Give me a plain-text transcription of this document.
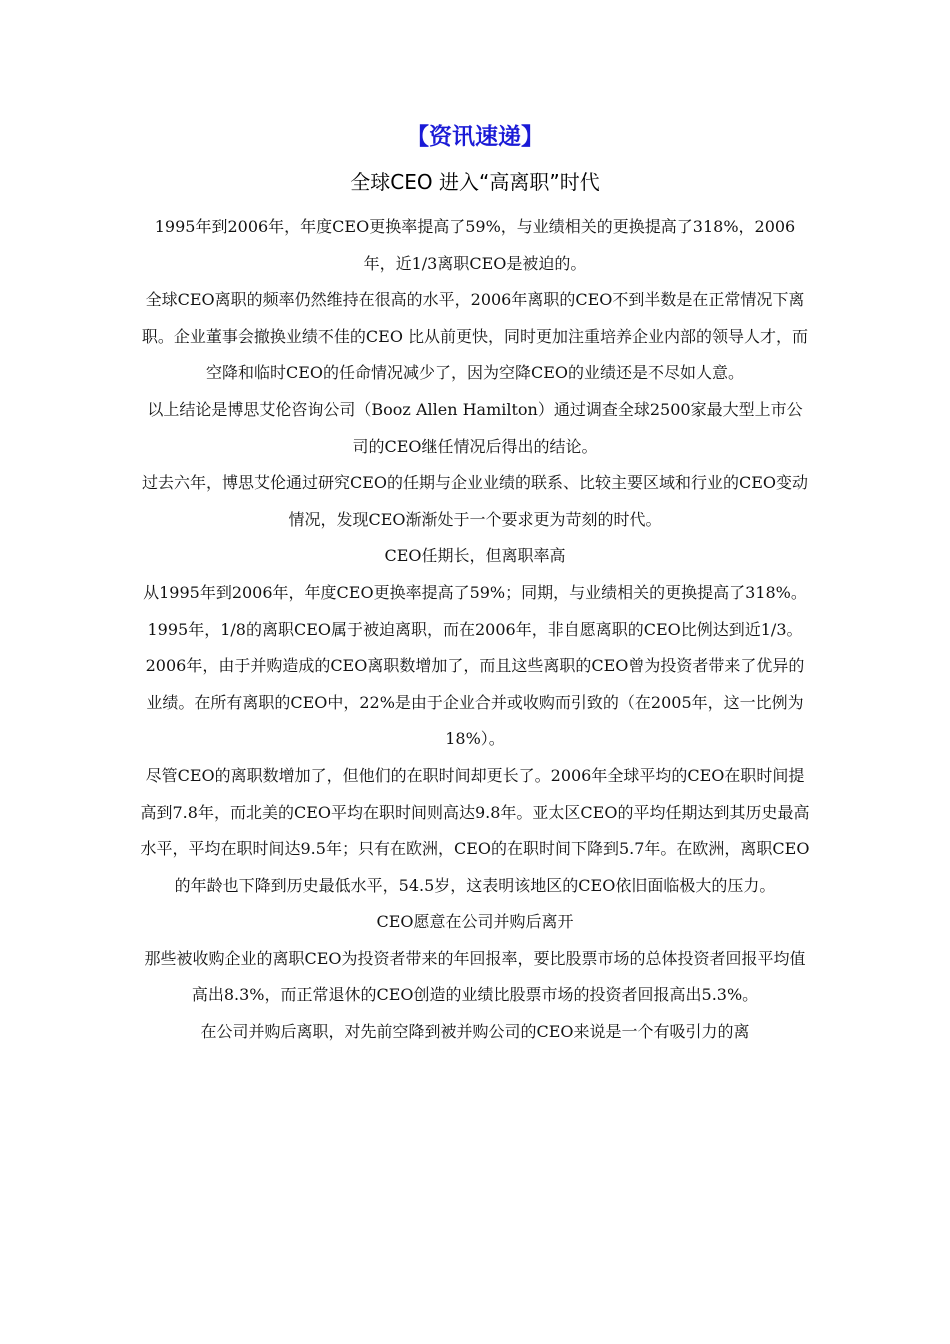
【资讯速递】
全球CEO 进入“高离职”时代

1995年到2006年，年度CEO更换率提高了59%，与业绩相关的更换提高了318%，2006年，近1/3离职CEO是被迫的。

全球CEO离职的频率仍然维持在很高的水平，2006年离职的CEO不到半数是在正常情况下离职。企业董事会撤换业绩不佳的CEO 比从前更快，同时更加注重培养企业内部的领导人才，而空降和临时CEO的任命情况减少了，因为空降CEO的业绩还是不尽如人意。

以上结论是博思艾伦咨询公司（Booz Allen Hamilton）通过调查全球2500家最大型上市公司的CEO继任情况后得出的结论。

过去六年，博思艾伦通过研究CEO的任期与企业业绩的联系、比较主要区域和行业的CEO变动情况，发现CEO渐渐处于一个要求更为苛刻的时代。

CEO任期长，但离职率高

从1995年到2006年，年度CEO更换率提高了59%；同期，与业绩相关的更换提高了318%。1995年，1/8的离职CEO属于被迫离职，而在2006年，非自愿离职的CEO比例达到近1/3。

2006年，由于并购造成的CEO离职数增加了，而且这些离职的CEO曾为投资者带来了优异的业绩。在所有离职的CEO中，22%是由于企业合并或收购而引致的（在2005年，这一比例为18%）。

尽管CEO的离职数增加了，但他们的在职时间却更长了。2006年全球平均的CEO在职时间提高到7.8年，而北美的CEO平均在职时间则高达9.8年。亚太区CEO的平均任期达到其历史最高水平，平均在职时间达9.5年；只有在欧洲，CEO的在职时间下降到5.7年。在欧洲，离职CEO的年龄也下降到历史最低水平，54.5岁，这表明该地区的CEO依旧面临极大的压力。

CEO愿意在公司并购后离开

那些被收购企业的离职CEO为投资者带来的年回报率，要比股票市场的总体投资者回报平均值高出8.3%，而正常退休的CEO创造的业绩比股票市场的投资者回报高出5.3%。

在公司并购后离职，对先前空降到被并购公司的CEO来说是一个有吸引力的离
